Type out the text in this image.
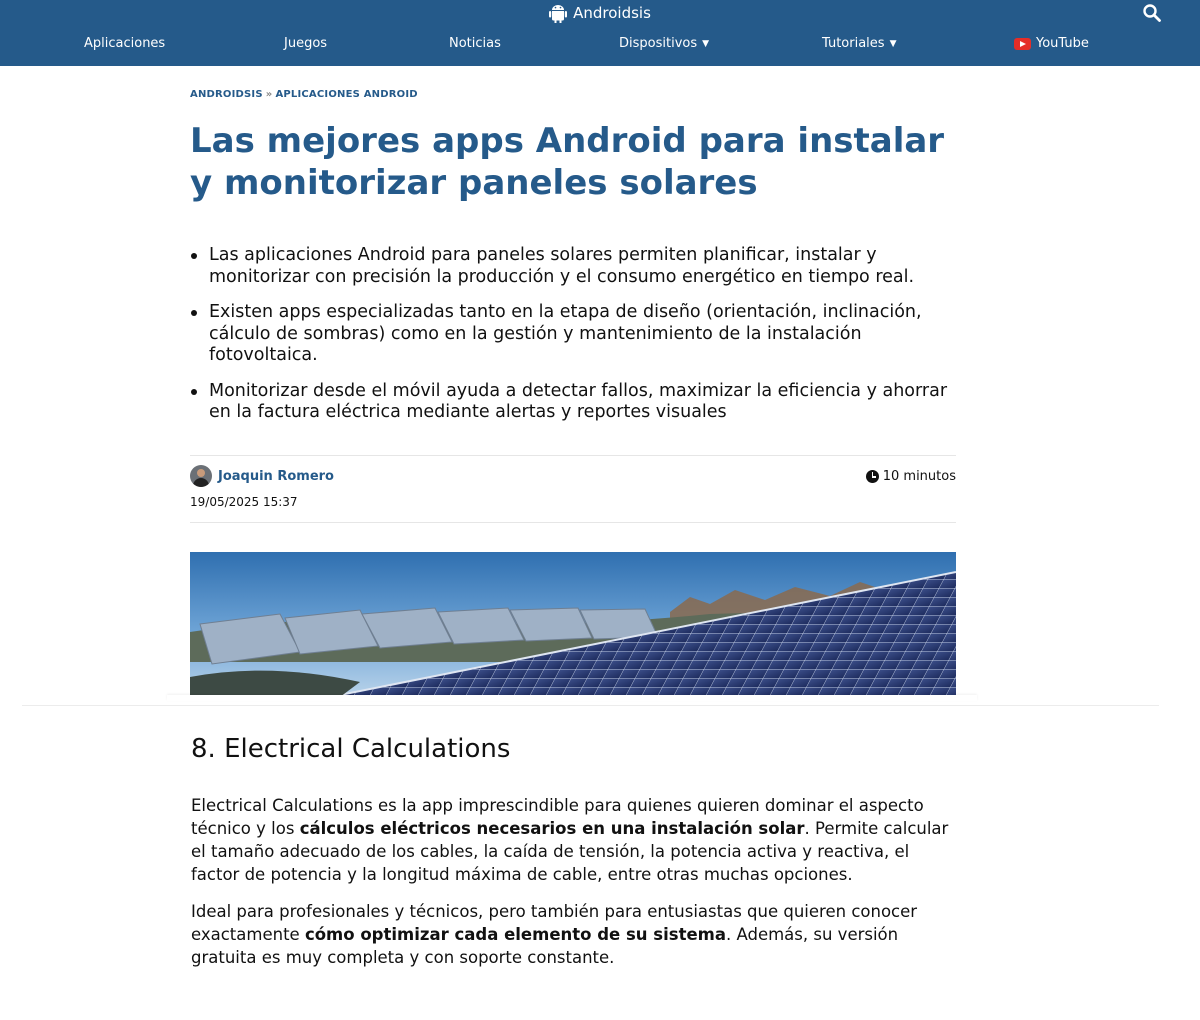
Androidsis
Aplicaciones	Juegos	Noticias	Dispositivos ▼	Tutoriales ▼	YouTube
ANDROIDSIS » APLICACIONES ANDROID
Las mejores apps Android para instalar y monitorizar paneles solares
Las aplicaciones Android para paneles solares permiten planificar, instalar y monitorizar con precisión la producción y el consumo energético en tiempo real.
Existen apps especializadas tanto en la etapa de diseño (orientación, inclinación, cálculo de sombras) como en la gestión y mantenimiento de la instalación fotovoltaica.
Monitorizar desde el móvil ayuda a detectar fallos, maximizar la eficiencia y ahorrar en la factura eléctrica mediante alertas y reportes visuales
Joaquin Romero
19/05/2025 15:37
10 minutos
8. Electrical Calculations

Electrical Calculations es la app imprescindible para quienes quieren dominar el aspecto técnico y los cálculos eléctricos necesarios en una instalación solar. Permite calcular el tamaño adecuado de los cables, la caída de tensión, la potencia activa y reactiva, el factor de potencia y la longitud máxima de cable, entre otras muchas opciones.

Ideal para profesionales y técnicos, pero también para entusiastas que quieren conocer exactamente cómo optimizar cada elemento de su sistema. Además, su versión gratuita es muy completa y con soporte constante.
